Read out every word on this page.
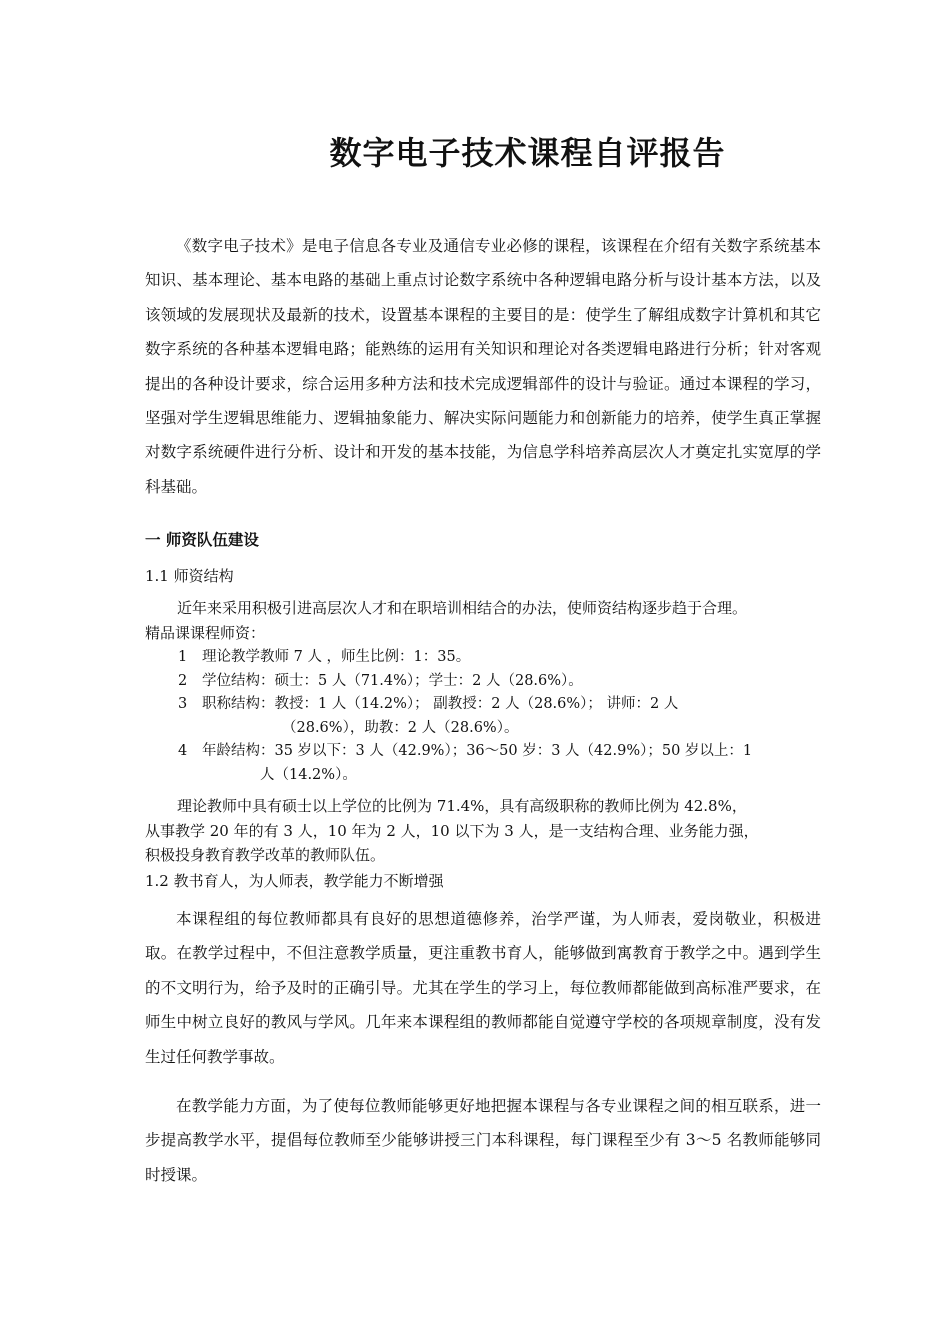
数字电子技术课程自评报告

《数字电子技术》是电子信息各专业及通信专业必修的课程，该课程在介绍有关数字系统基本知识、基本理论、基本电路的基础上重点讨论数字系统中各种逻辑电路分析与设计基本方法，以及该领域的发展现状及最新的技术，设置基本课程的主要目的是：使学生了解组成数字计算机和其它数字系统的各种基本逻辑电路；能熟练的运用有关知识和理论对各类逻辑电路进行分析；针对客观提出的各种设计要求，综合运用多种方法和技术完成逻辑部件的设计与验证。通过本课程的学习，坚强对学生逻辑思维能力、逻辑抽象能力、解决实际问题能力和创新能力的培养，使学生真正掌握对数字系统硬件进行分析、设计和开发的基本技能，为信息学科培养高层次人才奠定扎实宽厚的学科基础。

一 师资队伍建设

1.1 师资结构

近年来采用积极引进高层次人才和在职培训相结合的办法，使师资结构逐步趋于合理。
精品课课程师资：
1	理论教学教师 7 人 ，师生比例：1：35。
2	学位结构：硕士：5 人（71.4%）；学士：2 人（28.6%）。
3	职称结构：教授：1 人（14.2%）； 副教授：2 人（28.6%）； 讲师：2 人
（28.6%），助教：2 人（28.6%）。
4	年龄结构：35 岁以下：3 人（42.9%）；36～50 岁：3 人（42.9%）；50 岁以上：1
人（14.2%）。
理论教师中具有硕士以上学位的比例为 71.4%，具有高级职称的教师比例为 42.8%，
从事教学 20 年的有 3 人，10 年为 2 人，10 以下为 3 人，是一支结构合理、业务能力强，
积极投身教育教学改革的教师队伍。

1.2 教书育人，为人师表，教学能力不断增强

本课程组的每位教师都具有良好的思想道德修养，治学严谨，为人师表，爱岗敬业，积极进取。在教学过程中，不但注意教学质量，更注重教书育人，能够做到寓教育于教学之中。遇到学生的不文明行为，给予及时的正确引导。尤其在学生的学习上，每位教师都能做到高标准严要求，在师生中树立良好的教风与学风。几年来本课程组的教师都能自觉遵守学校的各项规章制度，没有发生过任何教学事故。

在教学能力方面，为了使每位教师能够更好地把握本课程与各专业课程之间的相互联系，进一步提高教学水平，提倡每位教师至少能够讲授三门本科课程，每门课程至少有 3～5 名教师能够同时授课。
